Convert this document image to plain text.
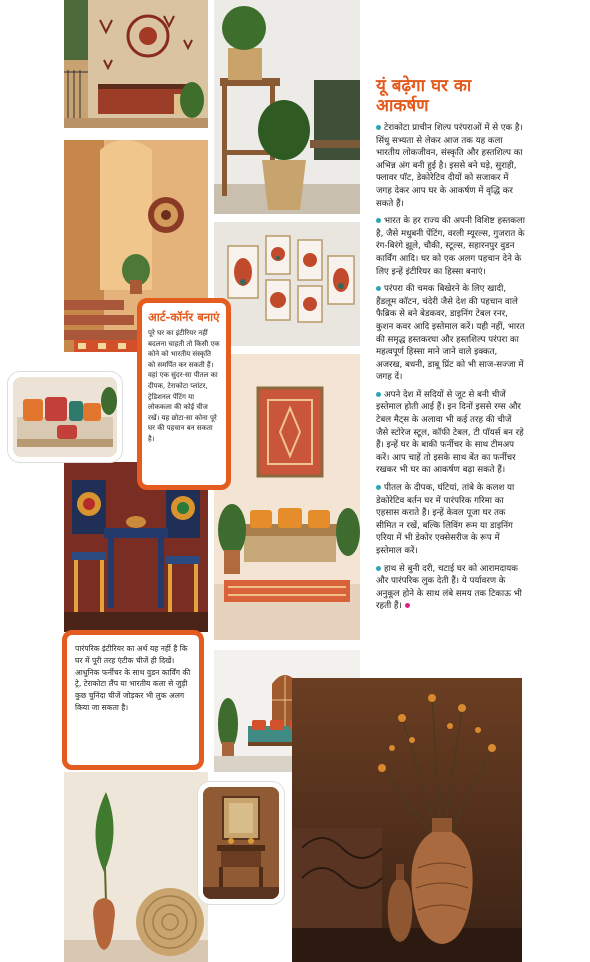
यूं बढ़ेगा घर का आकर्षण

टेराकोटा प्राचीन शिल्प परंपराओं में से एक है। सिंधु सभ्यता से लेकर आज तक यह कला भारतीय लोकजीवन, संस्कृति और हस्तशिल्प का अभिन्न अंग बनी हुई है। इससे बने घड़े, सुराही, फ्लावर पॉट, डेकोरेटिव दीयों को सजाकर में जगह देकर आप घर के आकर्षण में वृद्धि कर सकते हैं।

भारत के हर राज्य की अपनी विशिष्ट हस्तकला है, जैसे मधुबनी पेंटिंग, वरली म्यूरल्स, गुजरात के रंग-बिरंगे झूले, चौकी, स्टूल्स, सहारनपुर वुडन कार्विंग आदि। घर को एक अलग पहचान देने के लिए इन्हें इंटीरियर का हिस्सा बनाएं।

परंपरा की चमक बिखेरने के लिए खादी, हैंडलूम कॉटन, चंदेरी जैसे देश की पहचान वाले फैब्रिक से बने बेडकवर, डाइनिंग टेबल रनर, कुशन कवर आदि इस्तेमाल करें। यही नहीं, भारत की समृद्ध हस्तकरघा और हस्तशिल्प परंपरा का महत्वपूर्ण हिस्सा माने जाने वाले इक्कत, अजरख, बधनी, डाबू प्रिंट को भी साज-सज्जा में जगह दें।

अपने देश में सदियों से जूट से बनी चीजें इस्तेमाल होती आई हैं। इन दिनों इससे रग्स और टेबल मैट्स के अलावा भी कई तरह की चीजें जैसे स्टोरेज स्टूल, कॉफी टेबल, टी पॉयर्स बन रहे हैं। इन्हें घर के बाकी फर्नीचर के साथ टीमअप करें। आप चाहें तो इसके साथ बेंत का फर्नीचर रखकर भी घर का आकर्षण बढ़ा सकते हैं।

पीतल के दीपक, घंटियां, तांबे के कलश या डेकोरेटिव बर्तन घर में पारंपरिक गरिमा का एहसास कराते हैं। इन्हें केवल पूजा घर तक सीमित न रखें, बल्कि लिविंग रूम या डाइनिंग एरिया में भी डेकोर एक्सेसरीज के रूप में इस्तेमाल करें।

हाथ से बुनी दरी, चटाई घर को आरामदायक और पारंपरिक लुक देती हैं। ये पर्यावरण के अनुकूल होने के साथ लंबे समय तक टिकाऊ भी रहती हैं।

आर्ट-कॉर्नर बनाएं

पूरे घर का इंटीरियर नहीं बदलना चाहती तो किसी एक कोने को भारतीय संस्कृति को समर्पित कर सकती हैं। वहां एक सुंदर-सा पीतल का दीपक, टेराकोटा प्लांटर, ट्रेडिशनल पेंटिंग या लोककला की कोई चीज रखें। यह छोटा-सा कोना पूरे घर की पहचान बन सकता है।

पारंपरिक इंटीरियर का अर्थ यह नहीं है कि घर में पूरी तरह एंटीक चीजें ही दिखें। आधुनिक फर्नीचर के साथ वुडन कार्विंग की ट्रे, टेराकोटा लैंप या भारतीय कला से जुड़ी कुछ चुनिंदा चीजें जोड़कर भी लुक अलग किया जा सकता है।
